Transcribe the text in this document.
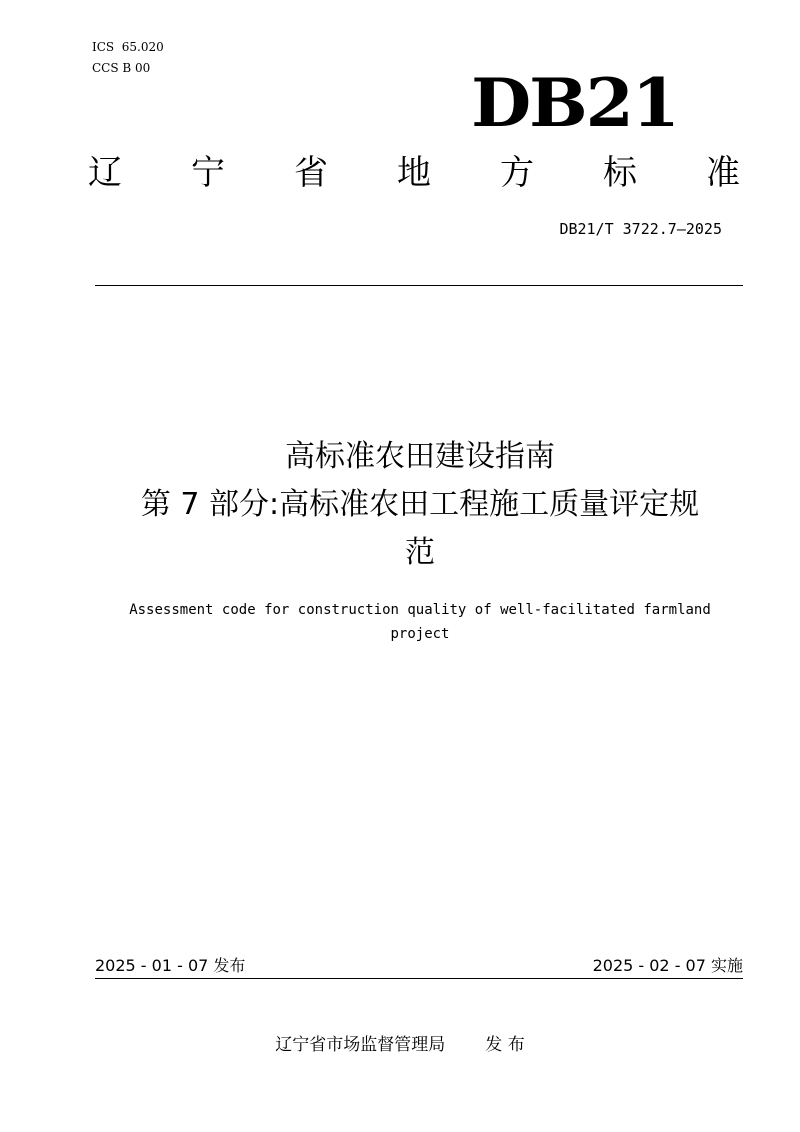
ICS  65.020
CCS B 00	DB21
辽 宁 省 地 方 标 准
DB21/T 3722.7—2025
高标准农田建设指南
第 7 部分:高标准农田工程施工质量评定规
范
Assessment code for construction quality of well-facilitated farmland
project
2025 - 01 - 07 发布	2025 - 02 - 07 实施
辽宁省市场监督管理局 发 布
